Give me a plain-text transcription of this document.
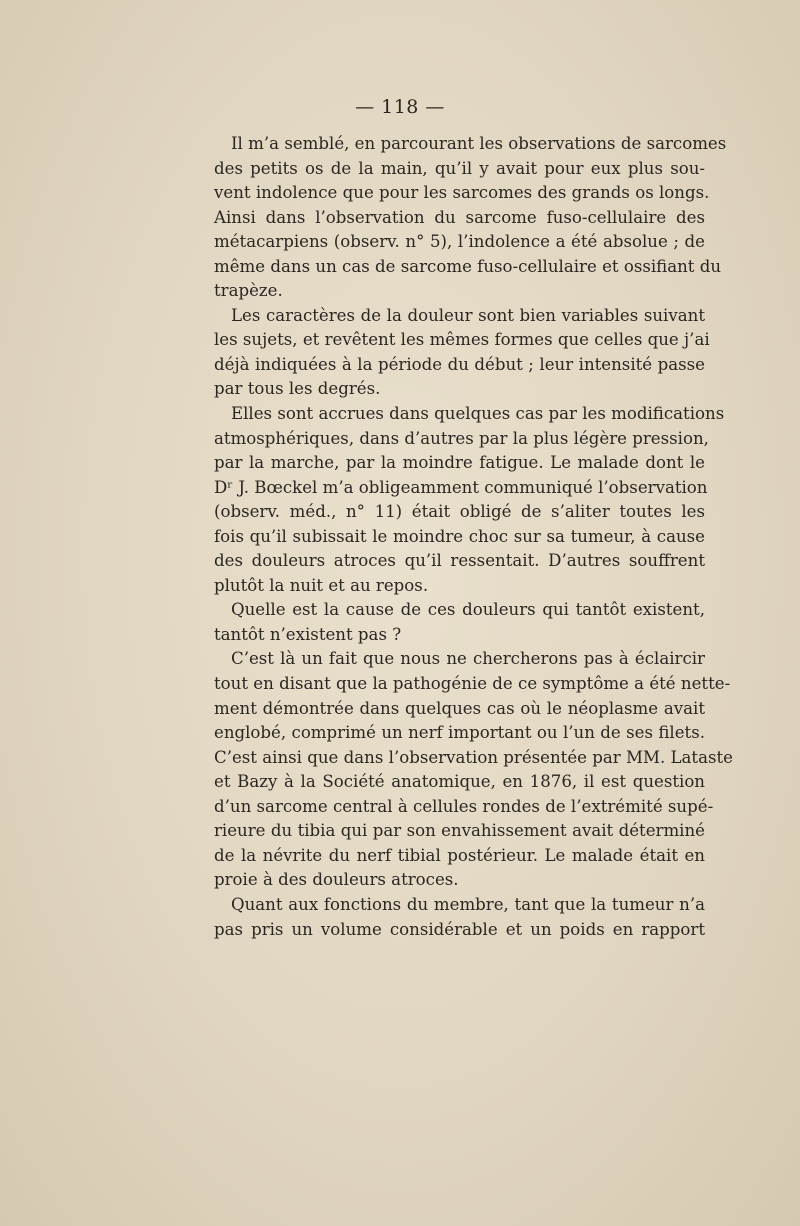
— 118 —
Il m’a semblé, en parcourant les observations de sarcomes
des petits os de la main, qu’il y avait pour eux plus sou-
vent indolence que pour les sarcomes des grands os longs.
Ainsi dans l’observation du sarcome fuso-cellulaire des
métacarpiens (observ. n° 5), l’indolence a été absolue ; de
même dans un cas de sarcome fuso-cellulaire et ossifiant du
trapèze.
Les caractères de la douleur sont bien variables suivant
les sujets, et revêtent les mêmes formes que celles que j’ai
déjà indiquées à la période du début ; leur intensité passe
par tous les degrés.
Elles sont accrues dans quelques cas par les modifications
atmosphériques, dans d’autres par la plus légère pression,
par la marche, par la moindre fatigue. Le malade dont le
Dʳ J. Bœckel m’a obligeamment communiqué l’observation
(observ. méd., n° 11) était obligé de s’aliter toutes les
fois qu’il subissait le moindre choc sur sa tumeur, à cause
des douleurs atroces qu’il ressentait. D’autres souffrent
plutôt la nuit et au repos.
Quelle est la cause de ces douleurs qui tantôt existent,
tantôt n’existent pas ?
C’est là un fait que nous ne chercherons pas à éclaircir
tout en disant que la pathogénie de ce symptôme a été nette-
ment démontrée dans quelques cas où le néoplasme avait
englobé, comprimé un nerf important ou l’un de ses filets.
C’est ainsi que dans l’observation présentée par MM. Lataste
et Bazy à la Société anatomique, en 1876, il est question
d’un sarcome central à cellules rondes de l’extrémité supé-
rieure du tibia qui par son envahissement avait déterminé
de la névrite du nerf tibial postérieur. Le malade était en
proie à des douleurs atroces.
Quant aux fonctions du membre, tant que la tumeur n’a
pas pris un volume considérable et un poids en rapport
